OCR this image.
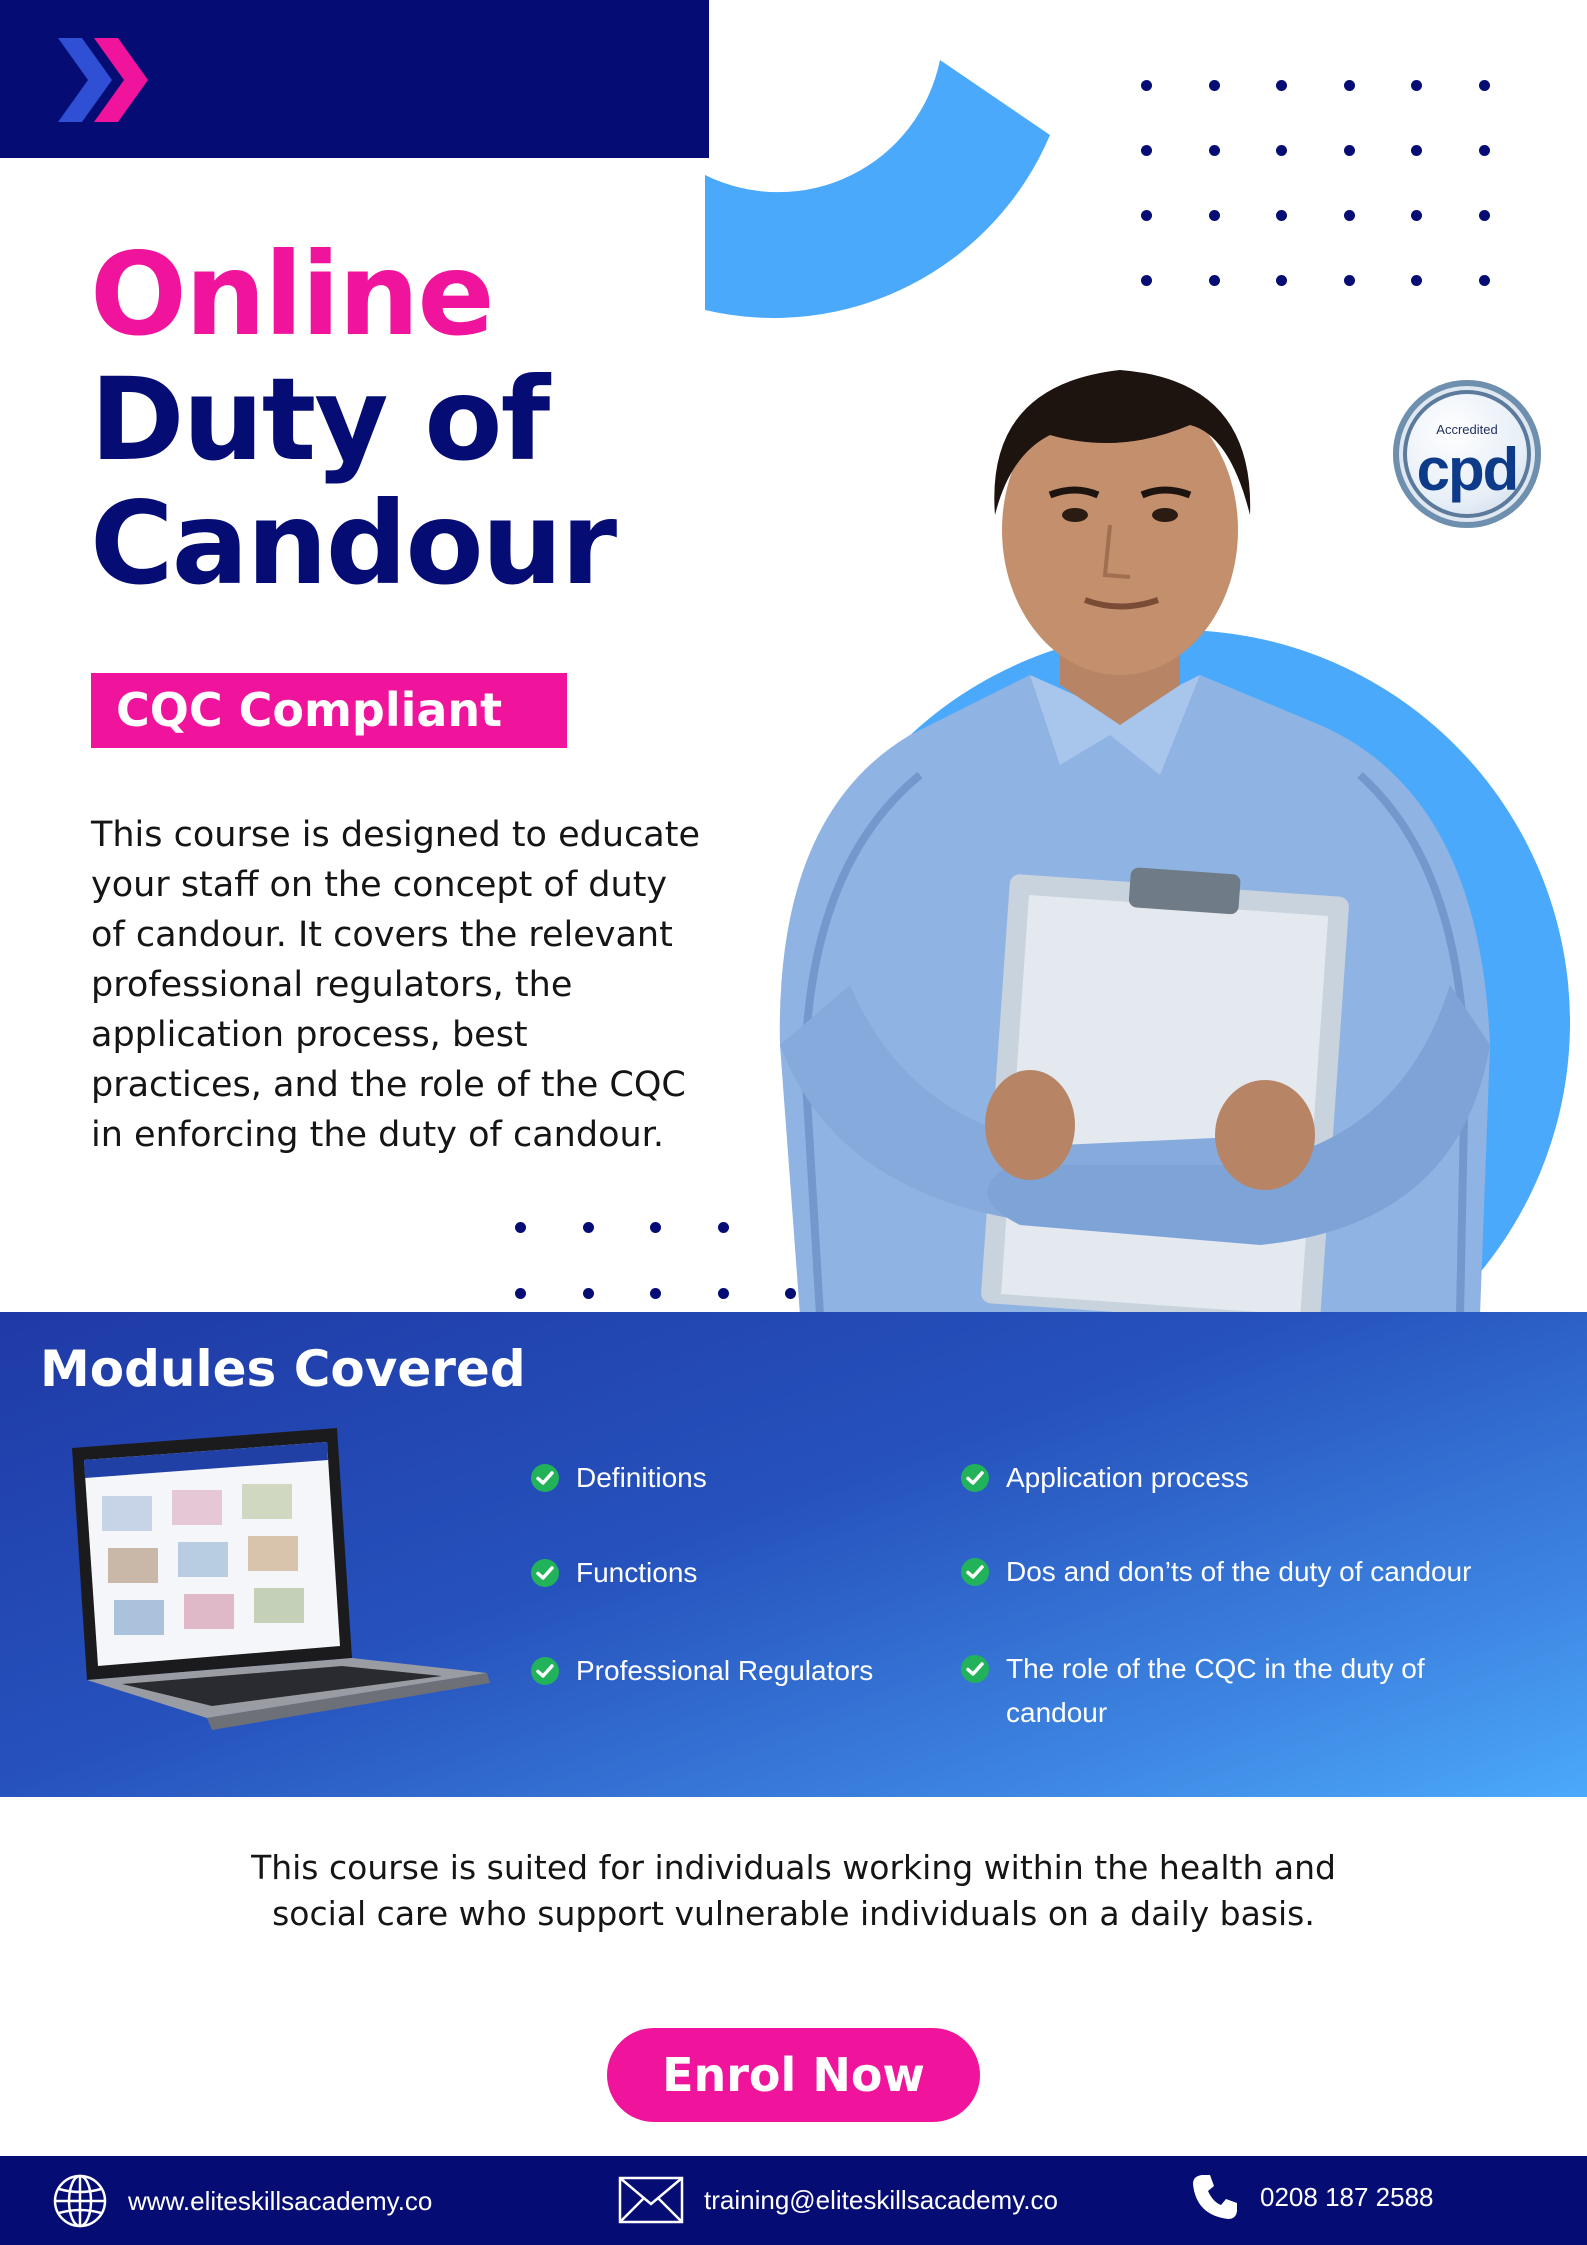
Online
Duty of
Candour
CQC Compliant
This course is designed to educate your staff on the concept of duty of candour. It covers the relevant professional regulators, the application process, best practices, and the role of the CQC in enforcing the duty of candour.
Accredited
cpd
Modules Covered
Definitions
Functions
Professional Regulators
Application process
Dos and don’ts of the duty of candour
The role of the CQC in the duty of candour
This course is suited for individuals working within the health and social care who support vulnerable individuals on a daily basis.
Enrol Now
www.eliteskillsacademy.co	training@eliteskillsacademy.co	0208 187 2588
